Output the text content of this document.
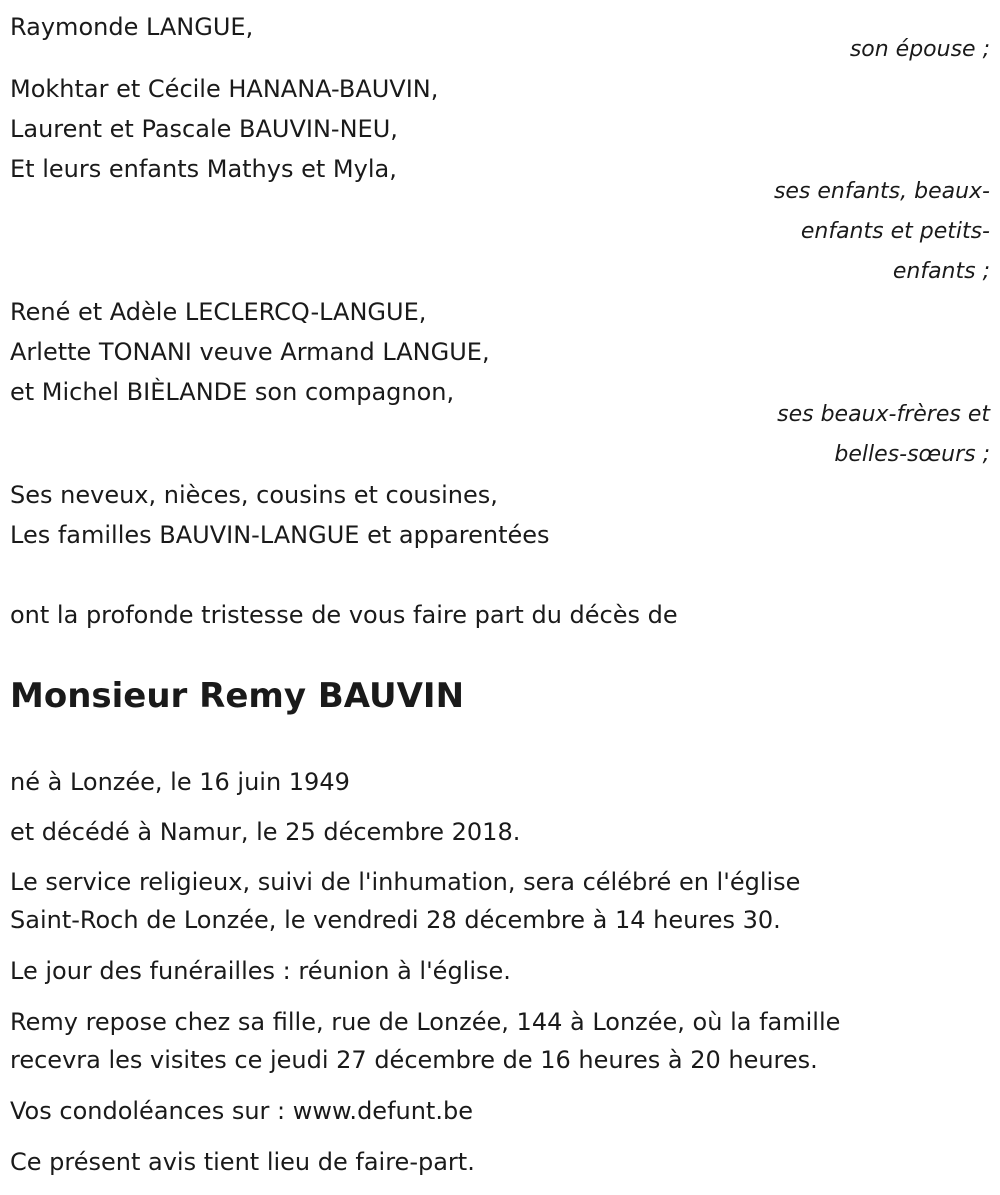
Raymonde LANGUE,
son épouse ;
Mokhtar et Cécile HANANA-BAUVIN,
Laurent et Pascale BAUVIN-NEU,
Et leurs enfants Mathys et Myla,
ses enfants, beaux-
enfants et petits-
enfants ;
René et Adèle LECLERCQ-LANGUE,
Arlette TONANI veuve Armand LANGUE,
et Michel BIÈLANDE son compagnon,
ses beaux-frères et
belles-sœurs ;
Ses neveux, nièces, cousins et cousines,
Les familles BAUVIN-LANGUE et apparentées
ont la profonde tristesse de vous faire part du décès de
Monsieur Remy BAUVIN
né à Lonzée, le 16 juin 1949
et décédé à Namur, le 25 décembre 2018.
Le service religieux, suivi de l'inhumation, sera célébré en l'église
Saint-Roch de Lonzée, le vendredi 28 décembre à 14 heures 30.
Le jour des funérailles : réunion à l'église.
Remy repose chez sa fille, rue de Lonzée, 144 à Lonzée, où la famille
recevra les visites ce jeudi 27 décembre de 16 heures à 20 heures.
Vos condoléances sur : www.defunt.be
Ce présent avis tient lieu de faire-part.
